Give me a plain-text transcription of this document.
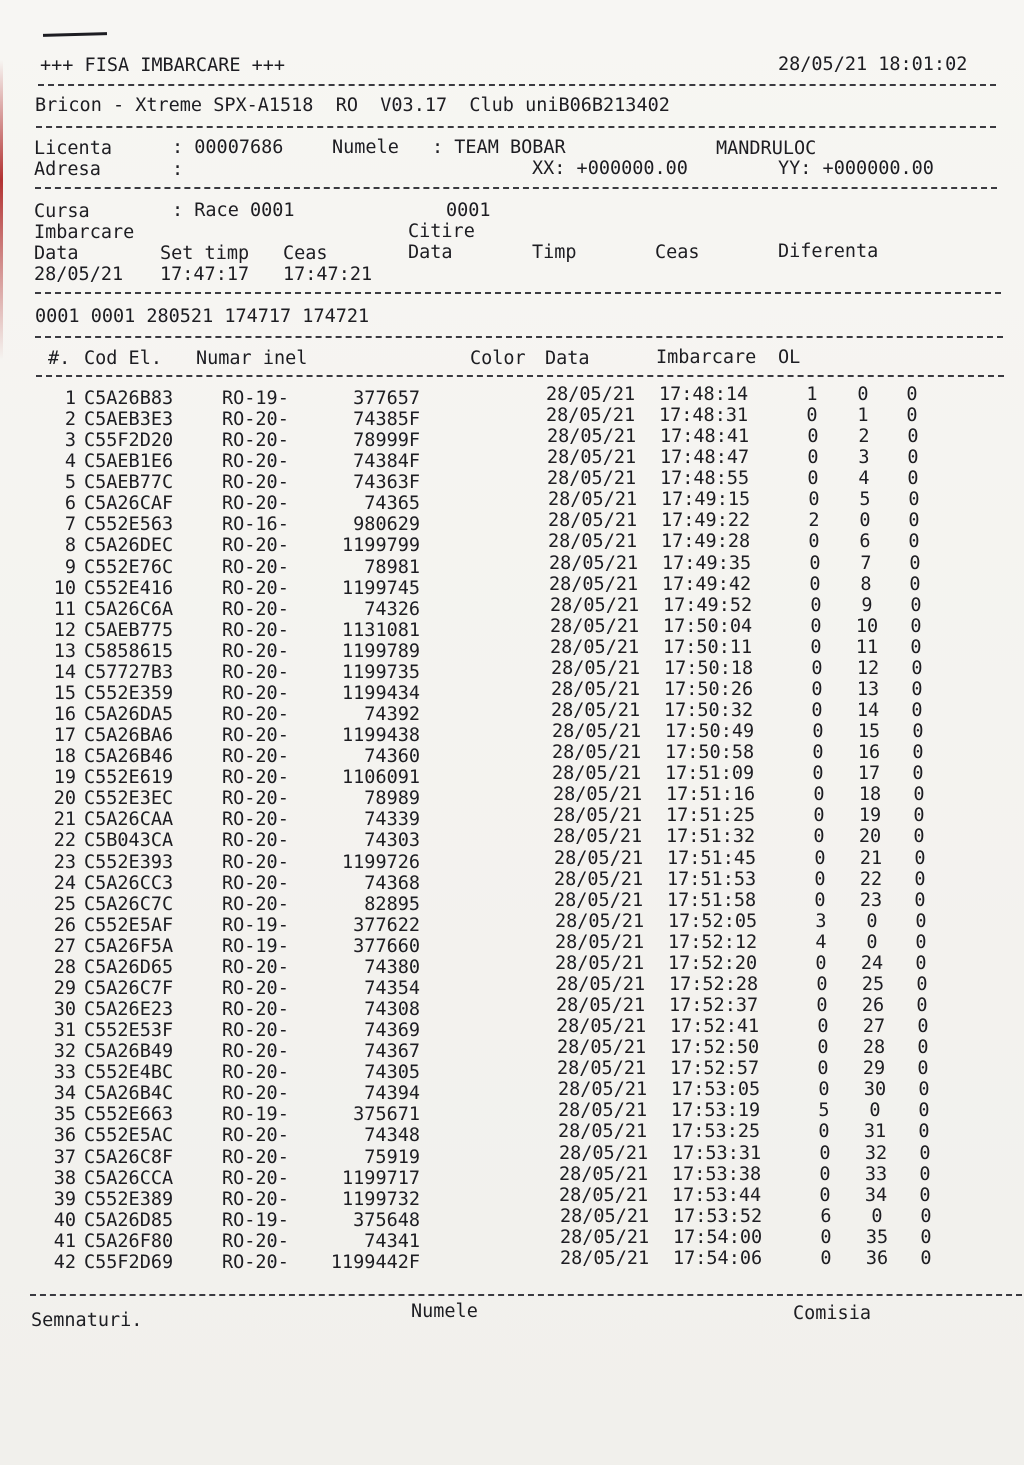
+++ FISA IMBARCARE +++	28/05/21 18:01:02
Bricon - Xtreme SPX-A1518  RO  V03.17  Club uniB06B213402
Licenta	: 00007686	Numele : TEAM BOBAR	MANDRULOC
Adresa	:	XX: +000000.00	YY: +000000.00
Cursa	: Race 0001	0001
Imbarcare	Citire
Data	Set timp Ceas	Data	Timp	Ceas	Diferenta
28/05/21 17:47:17 17:47:21
0001 0001 280521 174717 174721
#. Cod El. Numar inel	Color Data	Imbarcare OL
1 C5A26B83	RO-19-	377657	28/05/21	17:48:14	1	0	0
2 C5AEB3E3	RO-20-	74385F	28/05/21	17:48:31	0	1	0
3 C55F2D20	RO-20-	78999F	28/05/21	17:48:41	0	2	0
4 C5AEB1E6	RO-20-	74384F	28/05/21	17:48:47	0	3	0
5 C5AEB77C	RO-20-	74363F	28/05/21	17:48:55	0	4	0
6 C5A26CAF	RO-20-	74365	28/05/21	17:49:15	0	5	0
7 C552E563	RO-16-	980629	28/05/21	17:49:22	2	0	0
8 C5A26DEC	RO-20-	1199799	28/05/21	17:49:28	0	6	0
9 C552E76C	RO-20-	78981	28/05/21	17:49:35	0	7	0
10 C552E416	RO-20-	1199745	28/05/21	17:49:42	0	8	0
11 C5A26C6A	RO-20-	74326	28/05/21	17:49:52	0	9	0
12 C5AEB775	RO-20-	1131081	28/05/21	17:50:04	0	10	0
13 C5858615	RO-20-	1199789	28/05/21	17:50:11	0	11	0
14 C57727B3	RO-20-	1199735	28/05/21	17:50:18	0	12	0
15 C552E359	RO-20-	1199434	28/05/21	17:50:26	0	13	0
16 C5A26DA5	RO-20-	74392	28/05/21	17:50:32	0	14	0
17 C5A26BA6	RO-20-	1199438	28/05/21	17:50:49	0	15	0
18 C5A26B46	RO-20-	74360	28/05/21	17:50:58	0	16	0
19 C552E619	RO-20-	1106091	28/05/21	17:51:09	0	17	0
20 C552E3EC	RO-20-	78989	28/05/21	17:51:16	0	18	0
21 C5A26CAA	RO-20-	74339	28/05/21	17:51:25	0	19	0
22 C5B043CA	RO-20-	74303	28/05/21	17:51:32	0	20	0
23 C552E393	RO-20-	1199726	28/05/21	17:51:45	0	21	0
24 C5A26CC3	RO-20-	74368	28/05/21	17:51:53	0	22	0
25 C5A26C7C	RO-20-	82895	28/05/21	17:51:58	0	23	0
26 C552E5AF	RO-19-	377622	28/05/21	17:52:05	3	0	0
27 C5A26F5A	RO-19-	377660	28/05/21	17:52:12	4	0	0
28 C5A26D65	RO-20-	74380	28/05/21	17:52:20	0	24	0
29 C5A26C7F	RO-20-	74354	28/05/21	17:52:28	0	25	0
30 C5A26E23	RO-20-	74308	28/05/21	17:52:37	0	26	0
31 C552E53F	RO-20-	74369	28/05/21	17:52:41	0	27	0
32 C5A26B49	RO-20-	74367	28/05/21	17:52:50	0	28	0
33 C552E4BC	RO-20-	74305	28/05/21	17:52:57	0	29	0
34 C5A26B4C	RO-20-	74394	28/05/21	17:53:05	0	30	0
35 C552E663	RO-19-	375671	28/05/21	17:53:19	5	0	0
36 C552E5AC	RO-20-	74348	28/05/21	17:53:25	0	31	0
37 C5A26C8F	RO-20-	75919	28/05/21	17:53:31	0	32	0
38 C5A26CCA	RO-20-	1199717	28/05/21	17:53:38	0	33	0
39 C552E389	RO-20-	1199732	28/05/21	17:53:44	0	34	0
40 C5A26D85	RO-19-	375648	28/05/21	17:53:52	6	0	0
41 C5A26F80	RO-20-	74341	28/05/21	17:54:00	0	35	0
42 C55F2D69	RO-20-	1199442F	28/05/21	17:54:06	0	36	0
Semnaturi.	Numele	Comisia
